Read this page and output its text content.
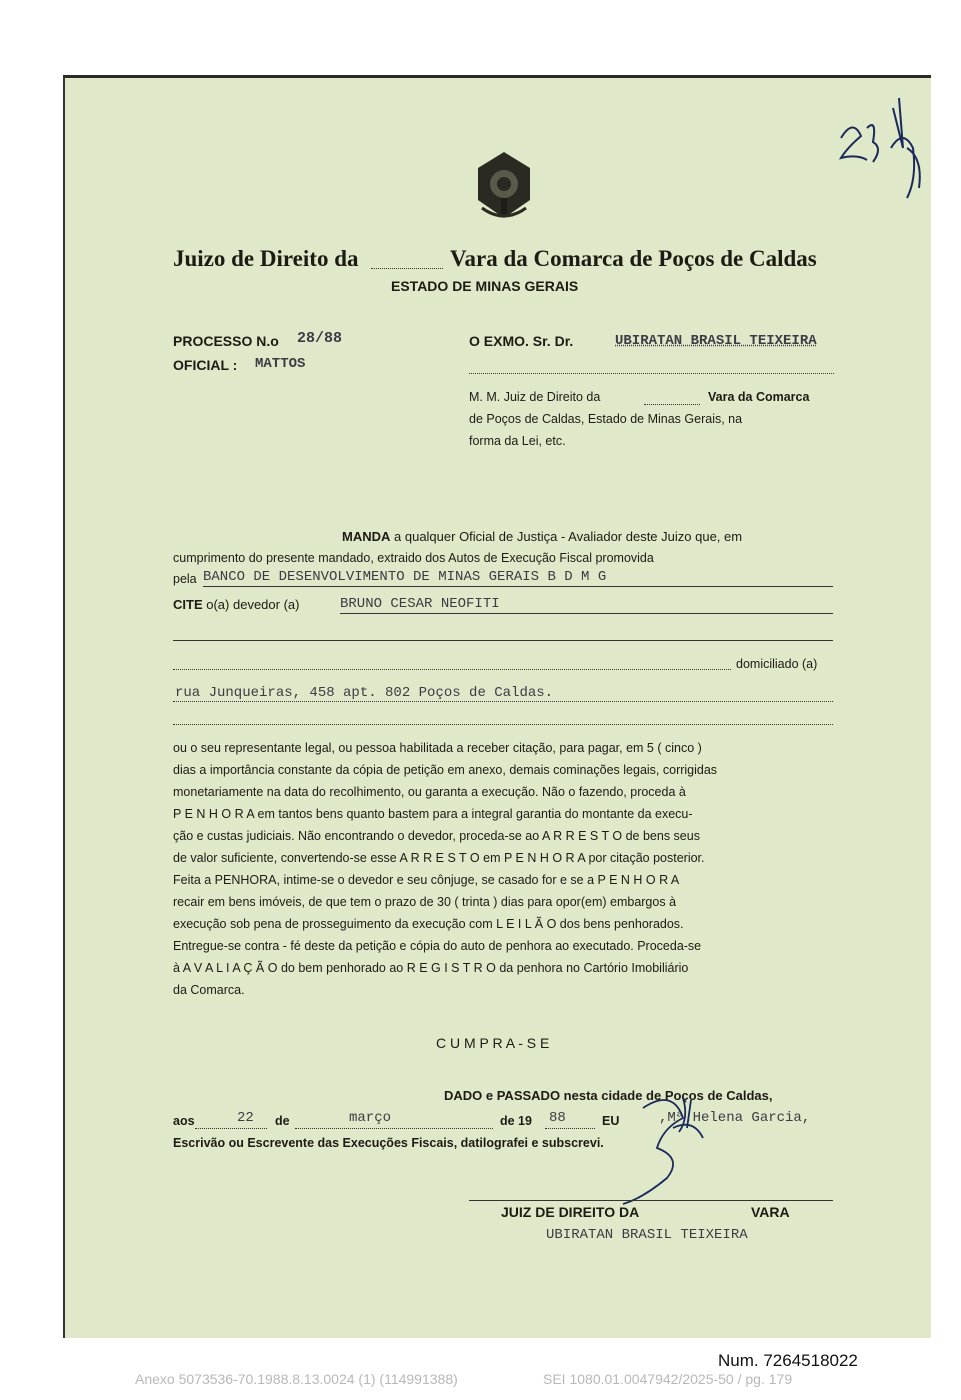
Juizo de Direito da	Vara da Comarca de Poços de Caldas
ESTADO DE MINAS GERAIS
PROCESSO N.o 28/88
OFICIAL : MATTOS
O EXMO. Sr. Dr.	UBIRATAN BRASIL TEIXEIRA
M. M. Juiz de Direito da	Vara da Comarca
de Poços de Caldas, Estado de Minas Gerais, na
forma da Lei, etc.
MANDA a qualquer Oficial de Justiça - Avaliador deste Juizo que, em
cumprimento do presente mandado, extraido dos Autos de Execução Fiscal promovida
pela BANCO DE DESENVOLVIMENTO DE MINAS GERAIS B D M G
CITE o(a) devedor (a)	BRUNO CESAR NEOFITI
domiciliado (a)
rua Junqueiras, 458 apt. 802 Poços de Caldas.
ou o seu representante legal, ou pessoa habilitada a receber citação, para pagar, em 5 ( cinco )
dias a importância constante da cópia de petição em anexo, demais cominações legais, corrigidas
monetariamente na data do recolhimento, ou garanta a execução. Não o fazendo, proceda à
P E N H O R A em tantos bens quanto bastem para a integral garantia do montante da execu-
ção e custas judiciais. Não encontrando o devedor, proceda-se ao A R R E S T O de bens seus
de valor suficiente, convertendo-se esse A R R E S T O em P E N H O R A por citação posterior.
Feita a PENHORA, intime-se o devedor e seu cônjuge, se casado for e se a P E N H O R A
recair em bens imóveis, de que tem o prazo de 30 ( trinta ) dias para opor(em) embargos à
execução sob pena de prosseguimento da execução com L E I L Ã O dos bens penhorados.
Entregue-se contra - fé deste da petição e cópia do auto de penhora ao executado. Proceda-se
à A V A L I A Ç Ã O do bem penhorado ao R E G I S T R O da penhora no Cartório Imobiliário
da Comarca.
C U M P R A - S E
DADO e PASSADO nesta cidade de Poços de Caldas,
aos	22 de	março	de 19 88	EU	,Mª.Helena Garcia,
Escrivão ou Escrevente das Execuções Fiscais, datilografei e subscrevi.
JUIZ DE DIREITO DA	VARA
UBIRATAN BRASIL TEIXEIRA
Num. 7264518022
Anexo 5073536-70.1988.8.13.0024 (1) (114991388)	SEI 1080.01.0047942/2025-50 / pg. 179
